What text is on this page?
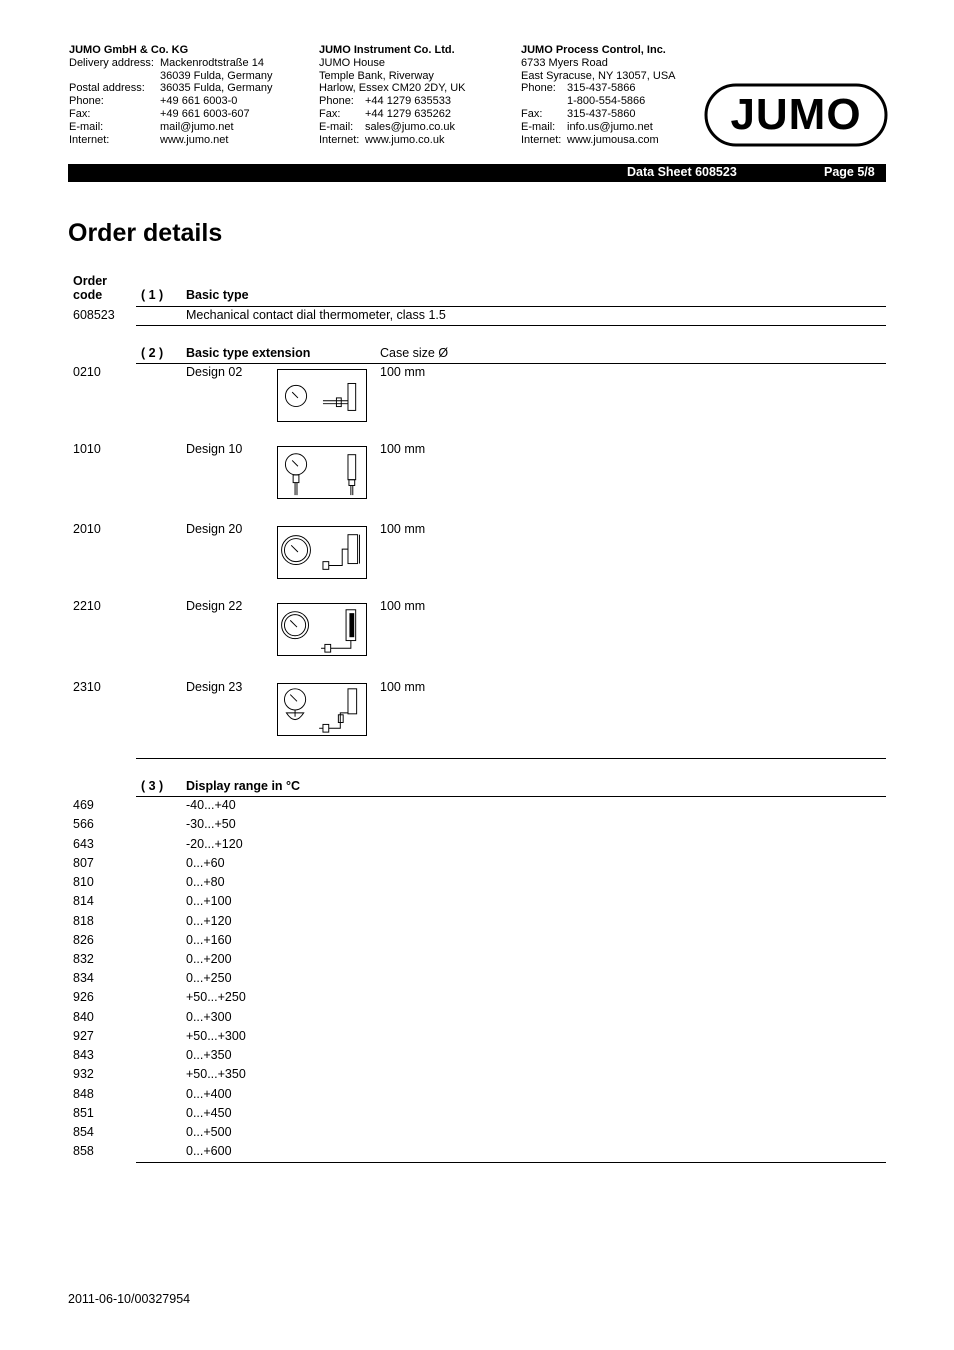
JUMO GmbH & Co. KG
Delivery address: Mackenrodtstraße 14
36039 Fulda, Germany
Postal address:	36035 Fulda, Germany
Phone:	+49 661 6003-0
Fax:	+49 661 6003-607
E-mail:	mail@jumo.net
Internet:	www.jumo.net
JUMO Instrument Co. Ltd.
JUMO House
Temple Bank, Riverway
Harlow, Essex CM20 2DY, UK
Phone:	+44 1279 635533
Fax:	+44 1279 635262
E-mail:	sales@jumo.co.uk
Internet: www.jumo.co.uk
JUMO Process Control, Inc.
6733 Myers Road
East Syracuse, NY 13057, USA
Phone:	315-437-5866
1-800-554-5866
Fax:	315-437-5860
E-mail:	info.us@jumo.net
Internet: www.jumousa.com
JUMO
Data Sheet 608523	Page 5/8
Order details
Order
code	( 1 ) Basic type
608523	Mechanical contact dial thermometer, class 1.5
( 2 ) Basic type extension	Case size Ø
0210	Design 02	100 mm
1010	Design 10	100 mm
2010	Design 20	100 mm
2210	Design 22	100 mm
2310	Design 23	100 mm
( 3 ) Display range in °C
469	-40...+40
566	-30...+50
643	-20...+120
807	0...+60
810	0...+80
814	0...+100
818	0...+120
826	0...+160
832	0...+200
834	0...+250
926	+50...+250
840	0...+300
927	+50...+300
843	0...+350
932	+50...+350
848	0...+400
851	0...+450
854	0...+500
858	0...+600
2011-06-10/00327954
